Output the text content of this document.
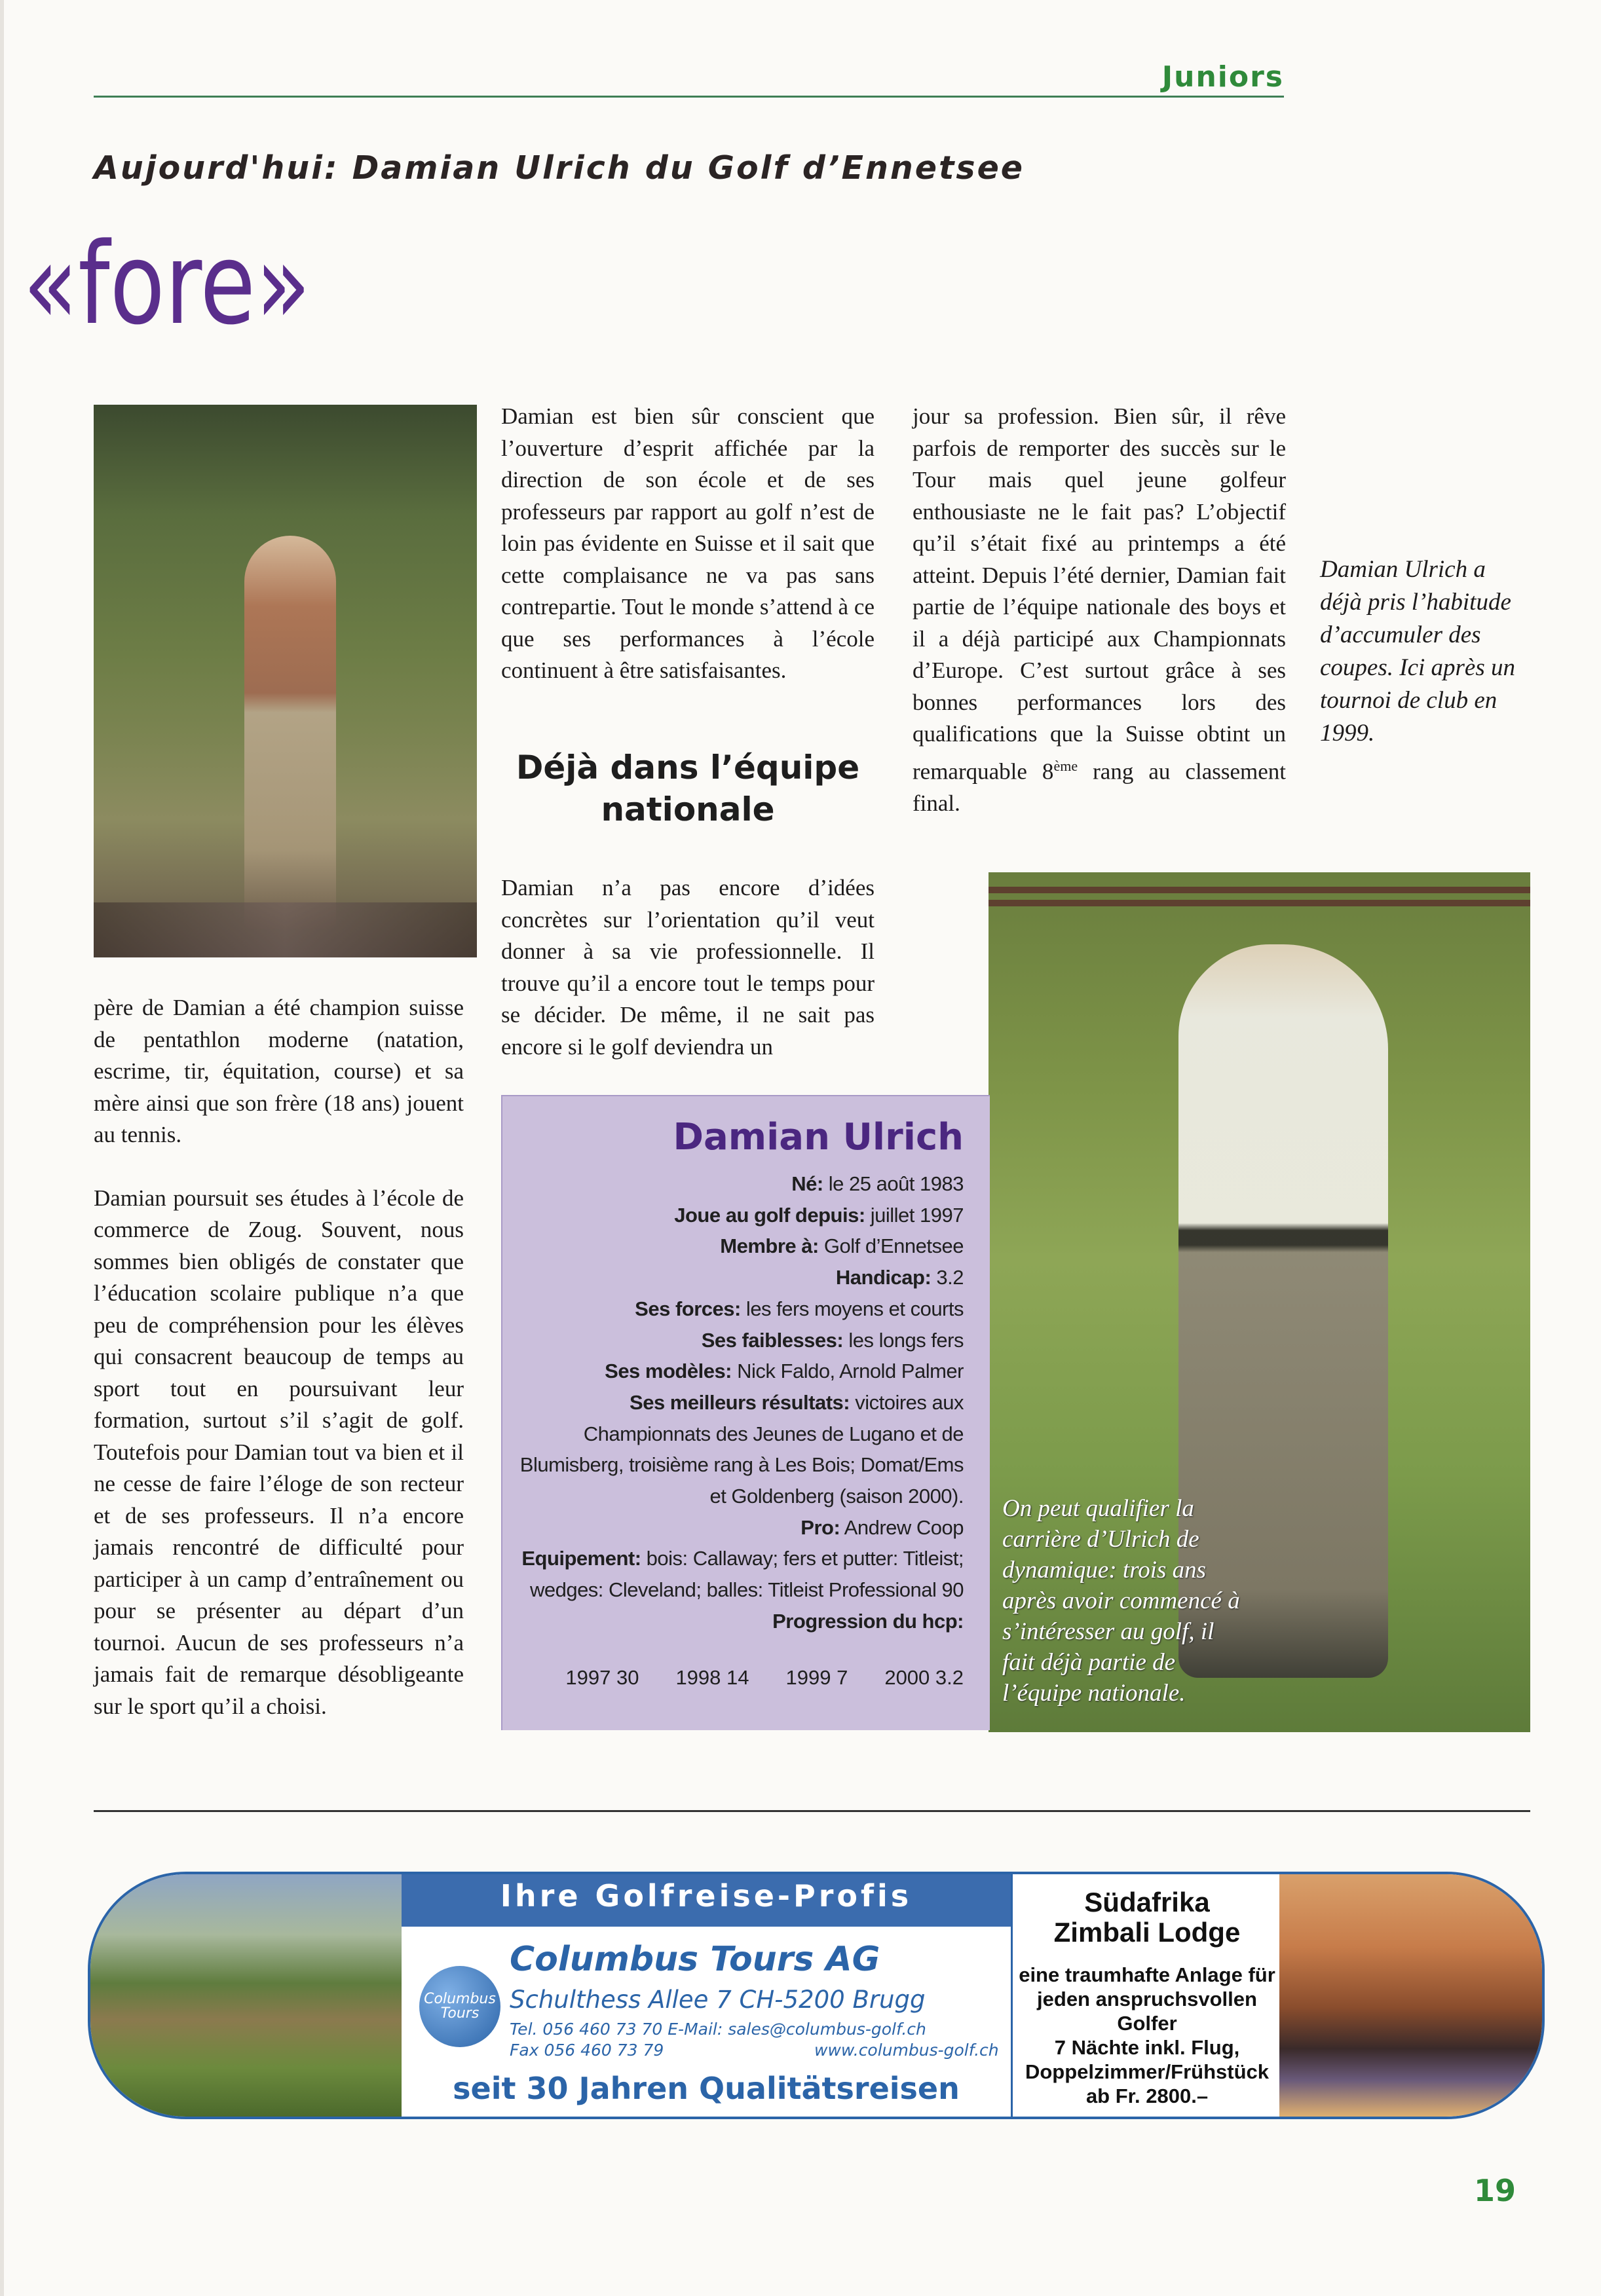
Juniors
Aujourd'hui: Damian Ulrich du Golf d’Ennetsee
«fore»

père de Damian a été champion suisse de pentathlon moderne (natation, escrime, tir, équitation, course) et sa mère ainsi que son frère (18 ans) jouent au tennis.

Damian poursuit ses études à l’école de commerce de Zoug. Souvent, nous sommes bien obligés de constater que l’éducation scolaire publique n’a que peu de compréhension pour les élèves qui consacrent beaucoup de temps au sport tout en poursuivant leur formation, surtout s’il s’agit de golf. Toutefois pour Damian tout va bien et il ne cesse de faire l’éloge de son recteur et de ses professeurs. Il n’a encore jamais rencontré de difficulté pour participer à un camp d’entraînement ou pour se présenter au départ d’un tournoi. Aucun de ses professeurs n’a jamais fait de remarque désobligeante sur le sport qu’il a choisi.

Damian est bien sûr conscient que l’ouverture d’esprit affichée par la direction de son école et de ses professeurs par rapport au golf n’est de loin pas évidente en Suisse et il sait que cette complaisance ne va pas sans contrepartie. Tout le monde s’attend à ce que ses performances à l’école continuent à être satisfaisantes.

Déjà dans l’équipe nationale

Damian n’a pas encore d’idées concrètes sur l’orientation qu’il veut donner à sa vie professionnelle. Il trouve qu’il a encore tout le temps pour se décider. De même, il ne sait pas encore si le golf deviendra un

jour sa profession. Bien sûr, il rêve parfois de remporter des succès sur le Tour mais quel jeune golfeur enthousiaste ne le fait pas? L’objectif qu’il s’était fixé au printemps a été atteint. Depuis l’été dernier, Damian fait partie de l’équipe nationale des boys et il a déjà participé aux Championnats d’Europe. C’est surtout grâce à ses bonnes performances lors des qualifications que la Suisse obtint un remarquable 8ème rang au classement final.

Damian Ulrich a déjà pris l’habitude d’accumuler des coupes. Ici après un tournoi de club en 1999.
On peut qualifier la carrière d’Ulrich de dynamique: trois ans après avoir commencé à s’intéresser au golf, il fait déjà partie de l’équipe nationale.
Damian Ulrich
Né: le 25 août 1983
Joue au golf depuis: juillet 1997
Membre à: Golf d’Ennetsee
Handicap: 3.2
Ses forces: les fers moyens et courts
Ses faiblesses: les longs fers
Ses modèles: Nick Faldo, Arnold Palmer
Ses meilleurs résultats: victoires aux Championnats des Jeunes de Lugano et de Blumisberg, troisième rang à Les Bois; Domat/Ems et Goldenberg (saison 2000).
Pro: Andrew Coop
Equipement: bois: Callaway; fers et putter: Titleist; wedges: Cleveland; balles: Titleist Professional 90
Progression du hcp:
1997 30 1998 14 1999 7 2000 3.2
Ihre Golfreise-Profis
Columbus Tours
Columbus Tours AG
Schulthess Allee 7 CH-5200 Brugg
Tel. 056 460 73 70 E-Mail: sales@columbus-golf.ch
Fax 056 460 73 79	www.columbus-golf.ch
seit 30 Jahren Qualitätsreisen
Südafrika
Zimbali Lodge
eine traumhafte Anlage für
jeden anspruchsvollen
Golfer
7 Nächte inkl. Flug,
Doppelzimmer/Frühstück
ab Fr. 2800.–
19
